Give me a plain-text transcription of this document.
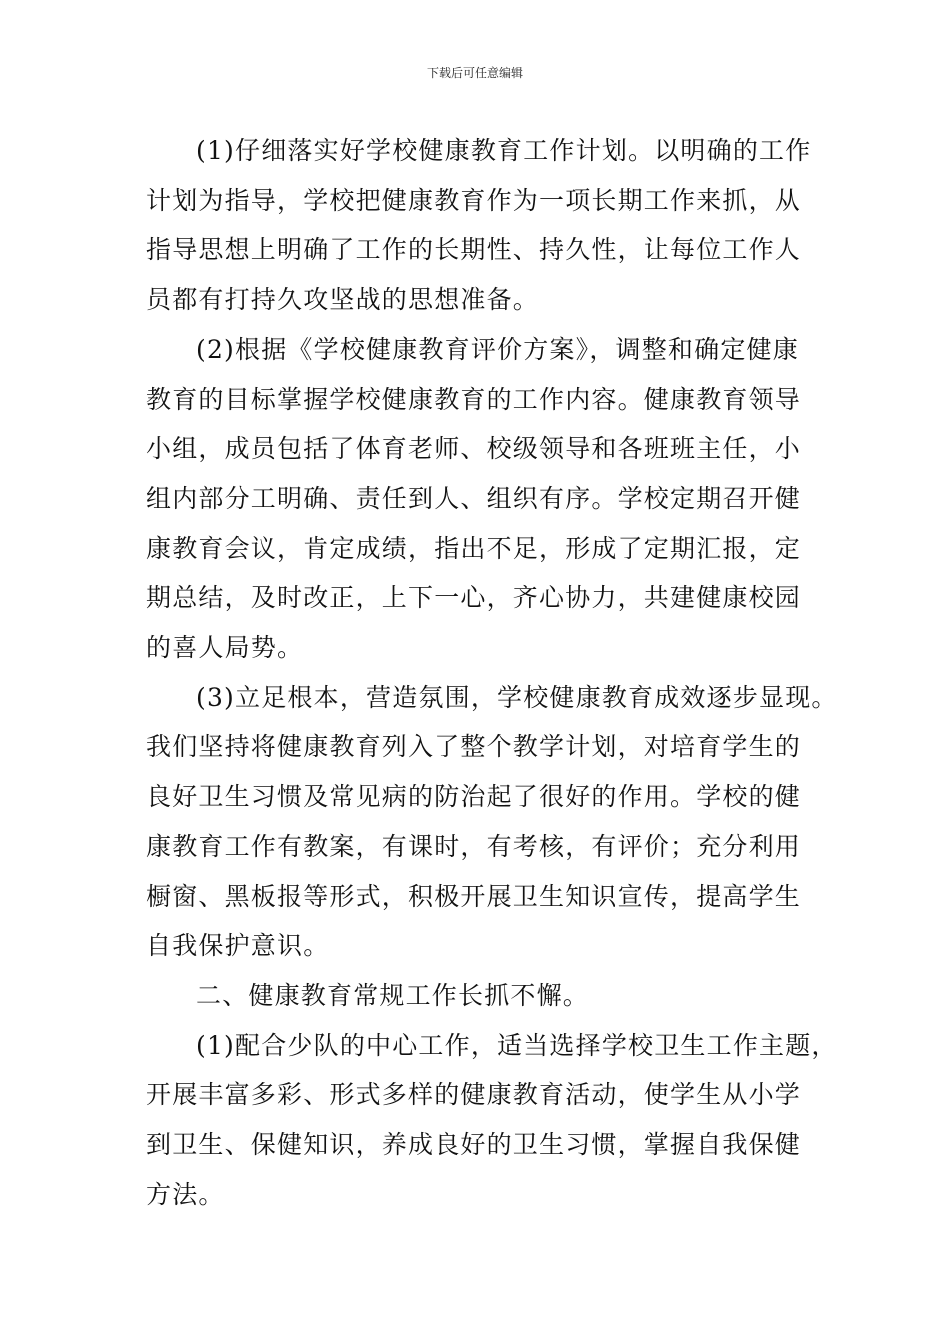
下载后可任意编辑

(1)仔细落实好学校健康教育工作计划。以明确的工作
计划为指导，学校把健康教育作为一项长期工作来抓，从
指导思想上明确了工作的长期性、持久性，让每位工作人
员都有打持久攻坚战的思想准备。

(2)根据《学校健康教育评价方案》，调整和确定健康
教育的目标掌握学校健康教育的工作内容。健康教育领导
小组，成员包括了体育老师、校级领导和各班班主任，小
组内部分工明确、责任到人、组织有序。学校定期召开健
康教育会议，肯定成绩，指出不足，形成了定期汇报，定
期总结，及时改正，上下一心，齐心协力，共建健康校园
的喜人局势。

(3)立足根本，营造氛围，学校健康教育成效逐步显现。
我们坚持将健康教育列入了整个教学计划，对培育学生的
良好卫生习惯及常见病的防治起了很好的作用。学校的健
康教育工作有教案，有课时，有考核，有评价；充分利用
橱窗、黑板报等形式，积极开展卫生知识宣传，提高学生
自我保护意识。

二、健康教育常规工作长抓不懈。

(1)配合少队的中心工作，适当选择学校卫生工作主题，
开展丰富多彩、形式多样的健康教育活动，使学生从小学
到卫生、保健知识，养成良好的卫生习惯，掌握自我保健
方法。
